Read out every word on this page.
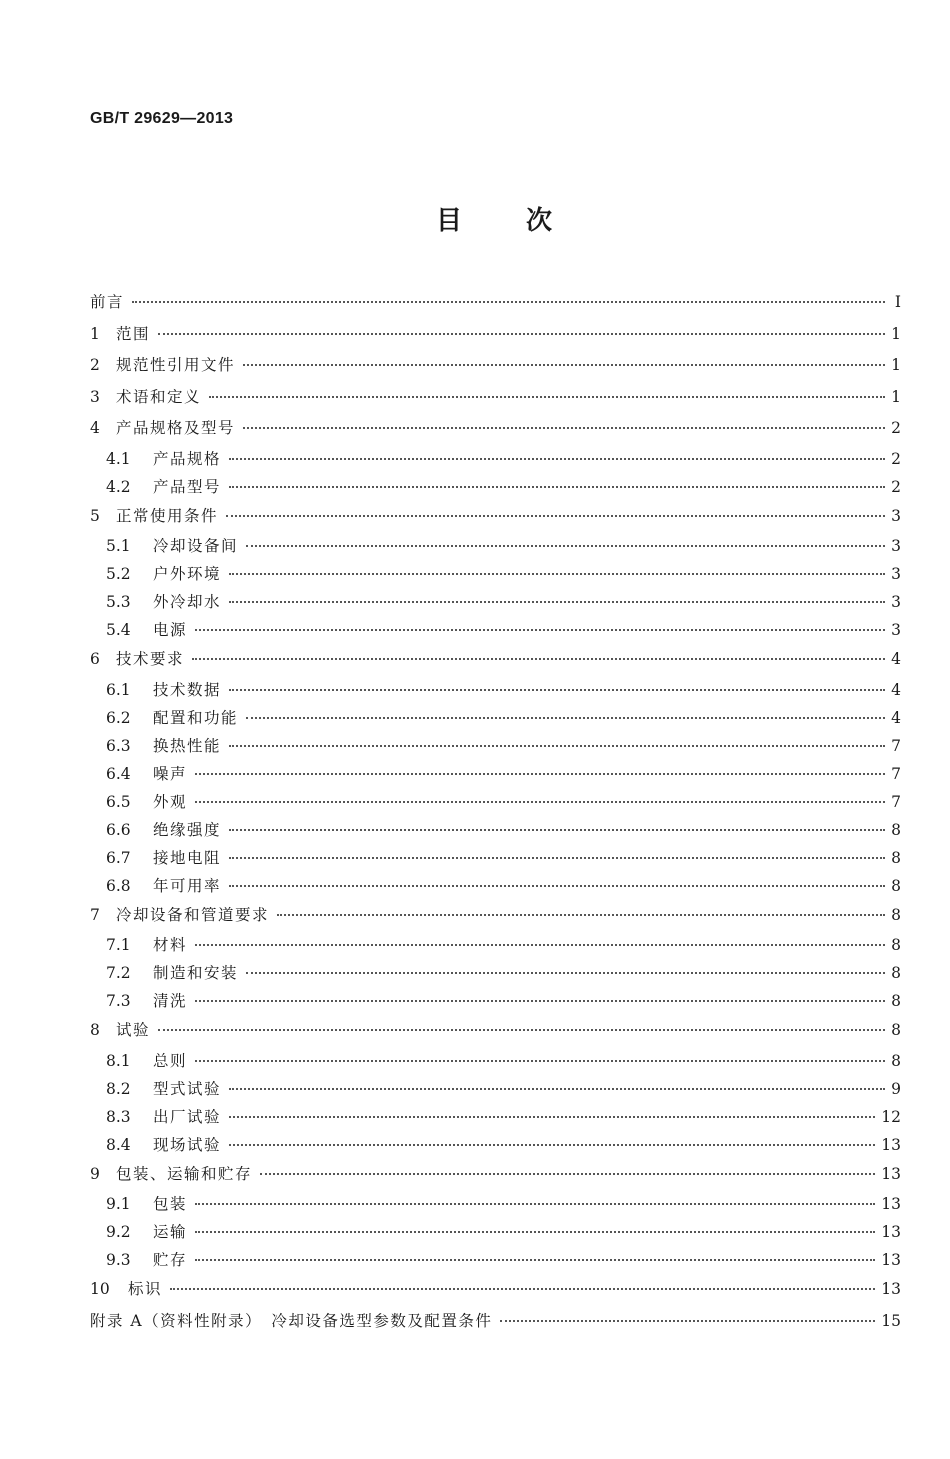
GB/T 29629—2013
目 次
前言	Ⅰ
1	范围	1
2	规范性引用文件	1
3	术语和定义	1
4	产品规格及型号	2
4.1	产品规格	2
4.2	产品型号	2
5	正常使用条件	3
5.1	冷却设备间	3
5.2	户外环境	3
5.3	外冷却水	3
5.4	电源	3
6	技术要求	4
6.1	技术数据	4
6.2	配置和功能	4
6.3	换热性能	7
6.4	噪声	7
6.5	外观	7
6.6	绝缘强度	8
6.7	接地电阻	8
6.8	年可用率	8
7	冷却设备和管道要求	8
7.1	材料	8
7.2	制造和安装	8
7.3	清洗	8
8	试验	8
8.1	总则	8
8.2	型式试验	9
8.3	出厂试验	12
8.4	现场试验	13
9	包装、运输和贮存	13
9.1	包装	13
9.2	运输	13
9.3	贮存	13
10	标识	13
附录 A（资料性附录）　冷却设备选型参数及配置条件	15
